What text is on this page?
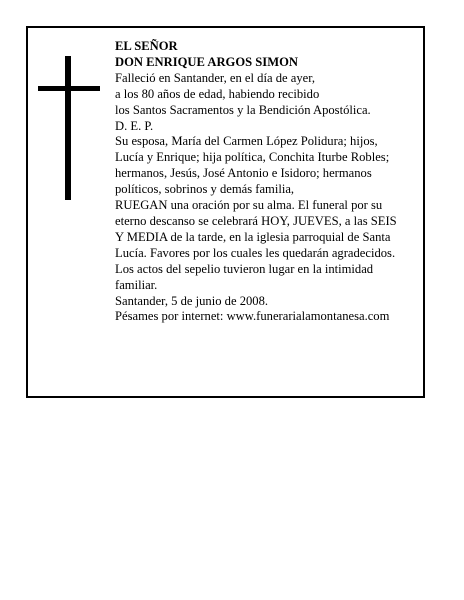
EL SEÑOR
DON ENRIQUE ARGOS SIMON
Falleció en Santander, en el día de ayer,
a los 80 años de edad, habiendo recibido
los Santos Sacramentos y la Bendición Apostólica.
D. E. P.
Su esposa, María del Carmen López Polidura; hijos,
Lucía y Enrique; hija política, Conchita Iturbe Robles;
hermanos, Jesús, José Antonio e Isidoro; hermanos
políticos, sobrinos y demás familia,
RUEGAN una oración por su alma. El funeral por su
eterno descanso se celebrará HOY, JUEVES, a las SEIS
Y MEDIA de la tarde, en la iglesia parroquial de Santa
Lucía. Favores por los cuales les quedarán agradecidos.
Los actos del sepelio tuvieron lugar en la intimidad
familiar.
Santander, 5 de junio de 2008.
Pésames por internet: www.funerarialamontanesa.com
